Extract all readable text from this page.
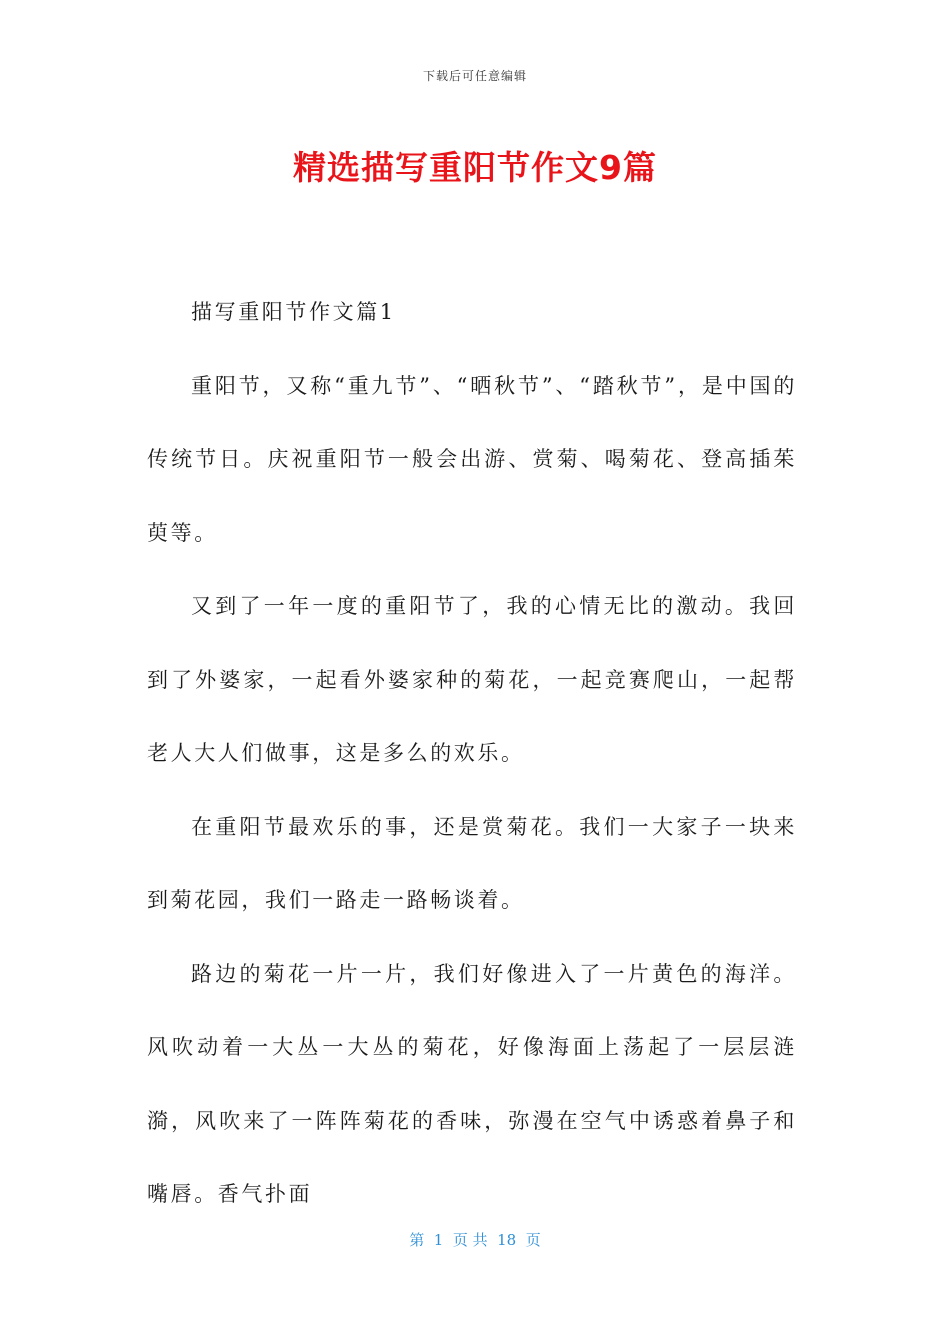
下载后可任意编辑
精选描写重阳节作文9篇

描写重阳节作文篇1

重阳节，又称“重九节”、“晒秋节”、“踏秋节”，是中国的传统节日。庆祝重阳节一般会出游、赏菊、喝菊花、登高插茱萸等。

又到了一年一度的重阳节了，我的心情无比的激动。我回到了外婆家，一起看外婆家种的菊花，一起竞赛爬山，一起帮老人大人们做事，这是多么的欢乐。

在重阳节最欢乐的事，还是赏菊花。我们一大家子一块来到菊花园，我们一路走一路畅谈着。

路边的菊花一片一片，我们好像进入了一片黄色的海洋。风吹动着一大丛一大丛的菊花，好像海面上荡起了一层层涟漪，风吹来了一阵阵菊花的香味，弥漫在空气中诱惑着鼻子和嘴唇。香气扑面

第  1  页 共  18  页
